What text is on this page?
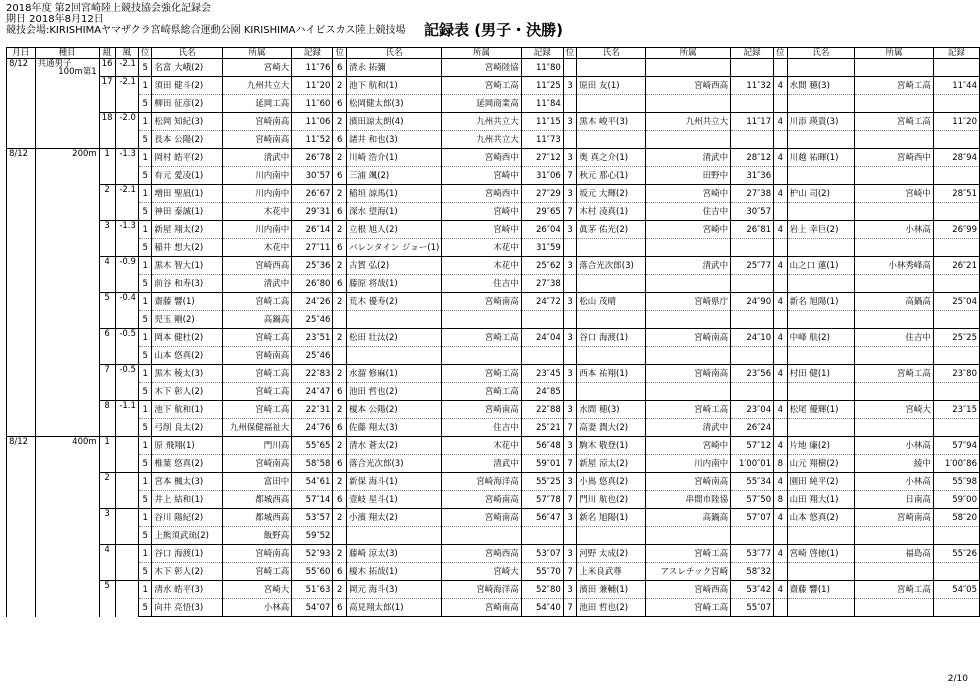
2018年度 第2回宮崎陸上競技協会強化記録会
期日 2018年8月12日
競技会場:KIRISHIMAヤマザクラ宮崎県総合運動公園 KIRISHIMAハイビスカス陸上競技場 記録表 (男子・決勝)
月日	種目	組	風	位	氏名	所属	記録	位	氏名	所属	記録	位	氏名	所属	記録	位	氏名	所属	記録
8/12	共通男子
100m第1	16	-2.1	5	名富 大峨(2)	宮崎大	11″76	6	清永 拓彌	宮崎陸協	11″80								
		17	-2.1	1	須田 健斗(2)	九州共立大	11″20	2	池下 航和(1)	宮崎工高	11″25	3	原田 友(1)	宮崎西高	11″32	4	水間 穂(3)	宮崎工高	11″44
				5	柳田 征彦(2)	延岡工高	11″60	6	松岡健太郎(3)	延岡商業高	11″84								
		18	-2.0	1	松岡 知紀(3)	宮崎南高	11″06	2	濱田諒太朗(4)	九州共立大	11″15	3	黒木 峻平(3)	九州共立大	11″17	4	川添 瑛貴(3)	宮崎工高	11″20
				5	長本 公陽(2)	宮崎南高	11″52	6	諸井 和也(3)	九州共立大	11″73								
8/12	200m	1	-1.3	1	岡村 皓平(2)	清武中	26″78	2	川崎 浩介(1)	宮崎西中	27″12	3	奥 真之介(1)	清武中	28″12	4	川越 祐暉(1)	宮崎西中	28″94
				5	有元 愛凌(1)	川内南中	30″57	6	三浦 颯(2)	宮崎中	31″06	7	秋元 那心(1)	田野中	31″36				
		2	-2.1	1	増田 聖凪(1)	川内南中	26″67	2	稲垣 諒馬(1)	宮崎西中	27″29	3	坂元 大輝(2)	宮崎中	27″38	4	枦山 司(2)	宮崎中	28″51
				5	神田 泰誠(1)	木花中	29″31	6	深水 望海(1)	宮崎中	29″65	7	木村 凌真(1)	住吉中	30″57				
		3	-1.3	1	新屋 翔太(2)	川内南中	26″14	2	立根 旭人(2)	宮崎中	26″04	3	眞茅 佑光(2)	宮崎中	26″81	4	岩上 幸巨(2)	小林高	26″99
				5	稲井 想大(2)	木花中	27″11	6	バレンタイン ジョー(1)	木花中	31″59								
		4	-0.9	1	黒木 智大(1)	宮崎西高	25″36	2	古賀 弘(2)	木花中	25″62	3	落合光次郎(3)	清武中	25″77	4	山之口 蓮(1)	小林秀峰高	26″21
				5	前谷 和寿(3)	清武中	26″80	6	藤原 将哉(1)	住吉中	27″38								
		5	-0.4	1	齋藤 響(1)	宮崎工高	24″26	2	荒木 優寿(2)	宮崎南高	24″72	3	松山 茂晴	宮崎県庁	24″90	4	新名 旭陽(1)	高鍋高	25″04
				5	児玉 剛(2)	高鍋高	25″46												
		6	-0.5	1	岡本 健杜(2)	宮崎工高	23″51	2	松田 壮汰(2)	宮崎工高	24″04	3	谷口 海渡(1)	宮崎南高	24″10	4	中峰 航(2)	住吉中	25″25
				5	山本 悠真(2)	宮崎南高	25″46												
		7	-0.5	1	黒木 稜太(3)	宮崎工高	22″83	2	水溜 修麻(1)	宮崎工高	23″45	3	西本 祐翔(1)	宮崎南高	23″56	4	村田 健(1)	宮崎工高	23″80
				5	木下 彰人(2)	宮崎工高	24″47	6	池田 哲也(2)	宮崎工高	24″85								
		8	-1.1	1	池下 航和(1)	宮崎工高	22″31	2	榎本 公陽(2)	宮崎南高	22″88	3	水間 穂(3)	宮崎工高	23″04	4	松尾 優輝(1)	宮崎大	23″15
				5	弓削 良太(2)	九州保健福祉大	24″76	6	佐藤 翔太(3)	住吉中	25″21	7	高妻 潤大(2)	清武中	26″24				
8/12	400m	1		1	原 飛翔(1)	門川高	55″65	2	清水 蒼太(2)	木花中	56″48	3	駒木 敬登(1)	宮崎中	57″12	4	片地 廉(2)	小林高	57″94
				5	椎葉 悠真(2)	宮崎南高	58″58	6	落合光次郎(3)	清武中	59″01	7	新屋 涼太(2)	川内南中	1′00″01	8	山元 翔樹(2)	綾中	1′00″86
		2		1	宮本 楓太(3)	富田中	54″61	2	新保 海斗(1)	宮崎海洋高	55″25	3	小嶌 悠真(2)	宮崎南高	55″34	4	園田 純平(2)	小林高	55″98
				5	井上 結和(1)	都城西高	57″14	6	壹岐 星斗(1)	宮崎南高	57″78	7	門川 航也(2)	串間市陸協	57″50	8	山田 翔大(1)	日南高	59″00
		3		1	谷川 陽紀(2)	都城西高	53″57	2	小濱 翔太(2)	宮崎南高	56″47	3	新名 旭陽(1)	高鍋高	57″07	4	山本 悠真(2)	宮崎南高	58″20
				5	上熊須武琉(2)	飯野高	59″52												
		4		1	谷口 海渡(1)	宮崎南高	52″93	2	藤崎 涼太(3)	宮崎西高	53″07	3	河野 太成(2)	宮崎工高	53″77	4	宮崎 啓徳(1)	福島高	55″26
				5	木下 彰人(2)	宮崎工高	55″60	6	榎木 拓哉(1)	宮崎大	55″70	7	上米良武尊	アスレチック宮崎	58″32				
		5		1	清水 皓平(3)	宮崎大	51″63	2	岡元 海斗(3)	宮崎海洋高	52″80	3	濱田 兼輔(1)	宮崎西高	53″42	4	齋藤 響(1)	宮崎工高	54″05
				5	向井 亮悟(3)	小林高	54″07	6	高見翔太郎(1)	宮崎南高	54″40	7	池田 哲也(2)	宮崎工高	55″07				
2/10
